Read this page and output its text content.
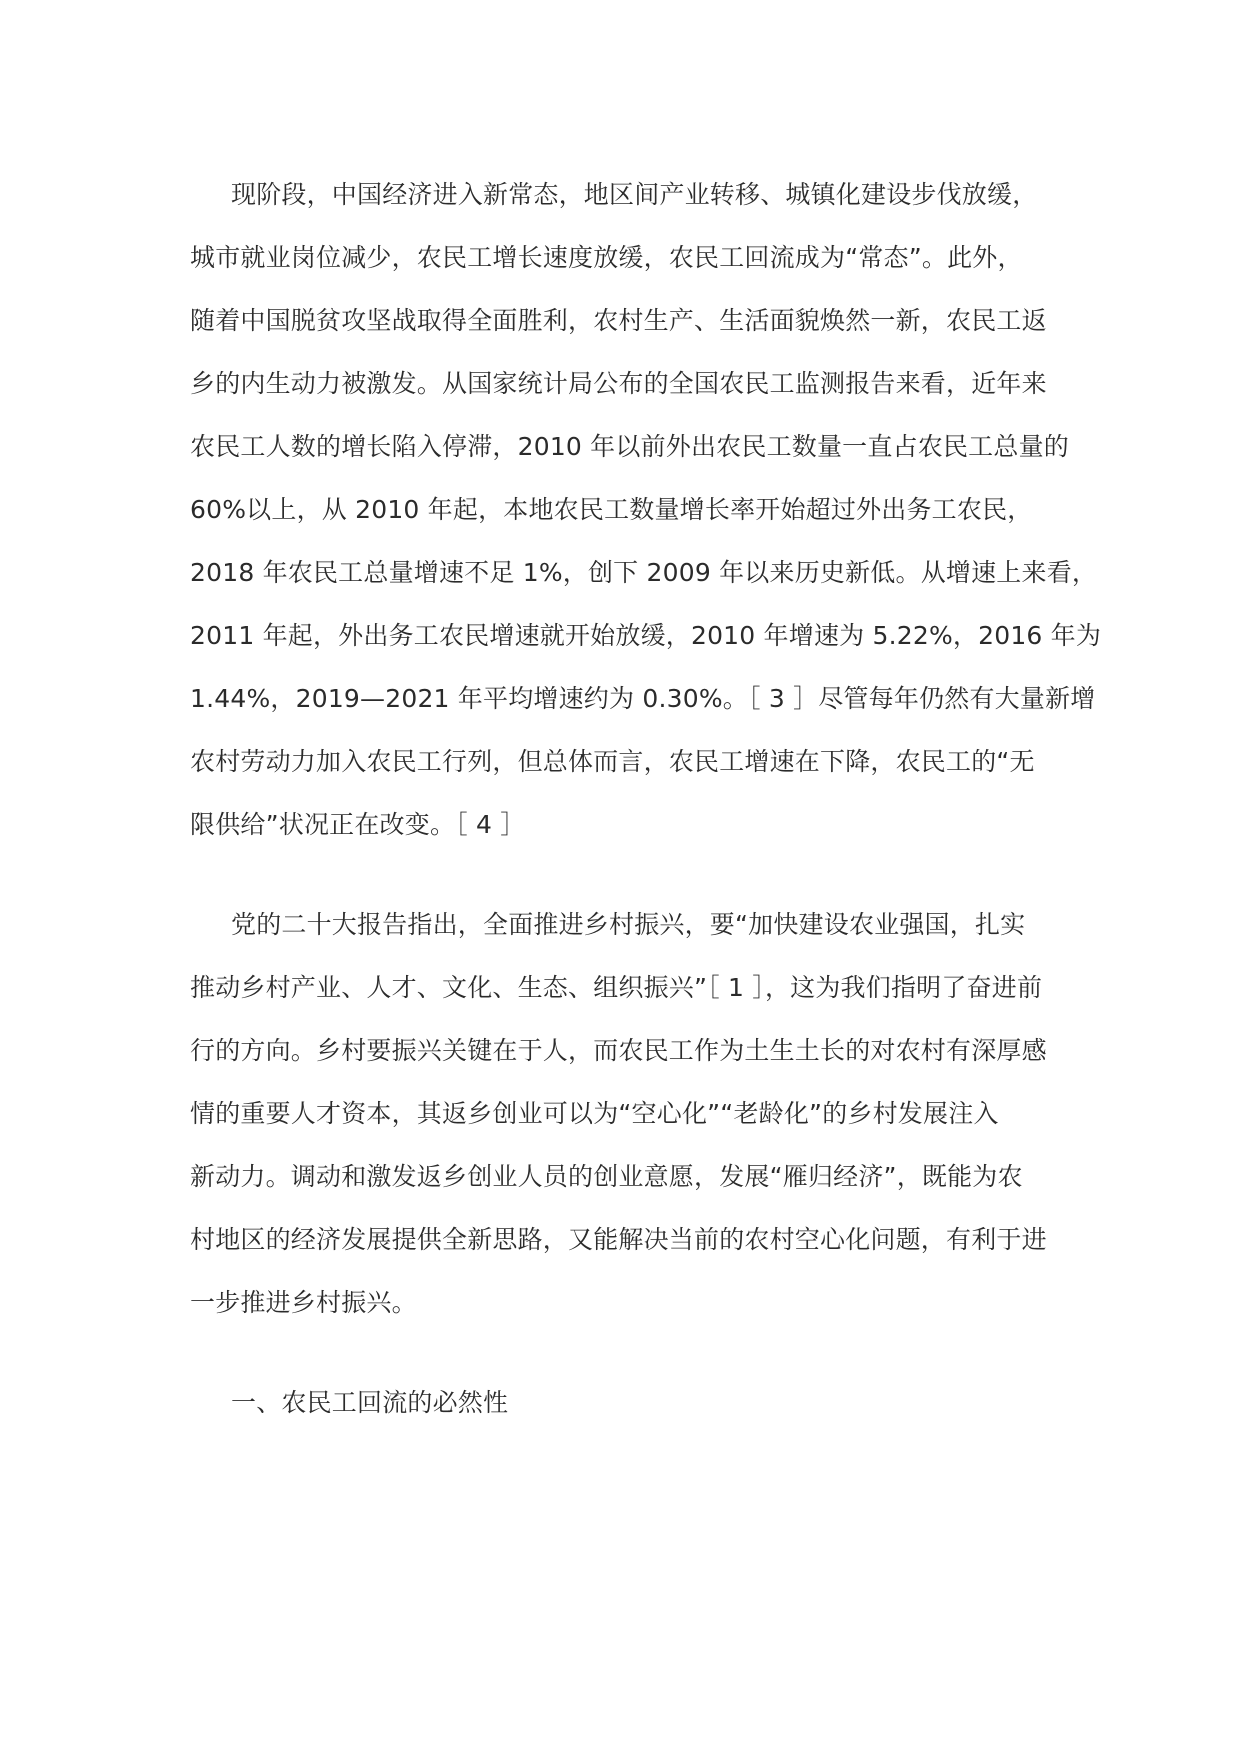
现阶段，中国经济进入新常态，地区间产业转移、城镇化建设步伐放缓，
城市就业岗位减少，农民工增长速度放缓，农民工回流成为“常态”。此外，
随着中国脱贫攻坚战取得全面胜利，农村生产、生活面貌焕然一新，农民工返
乡的内生动力被激发。从国家统计局公布的全国农民工监测报告来看，近年来
农民工人数的增长陷入停滞，2010 年以前外出农民工数量一直占农民工总量的
60%以上，从 2010 年起，本地农民工数量增长率开始超过外出务工农民，
2018 年农民工总量增速不足 1%，创下 2009 年以来历史新低。从增速上来看，
2011 年起，外出务工农民增速就开始放缓，2010 年增速为 5.22%，2016 年为
1.44%，2019—2021 年平均增速约为 0.30%。［ 3 ］尽管每年仍然有大量新增
农村劳动力加入农民工行列，但总体而言，农民工增速在下降，农民工的“无
限供给”状况正在改变。［ 4 ］
党的二十大报告指出，全面推进乡村振兴，要“加快建设农业强国，扎实
推动乡村产业、人才、文化、生态、组织振兴”［ 1 ］，这为我们指明了奋进前
行的方向。乡村要振兴关键在于人，而农民工作为土生土长的对农村有深厚感
情的重要人才资本，其返乡创业可以为“空心化”“老龄化”的乡村发展注入
新动力。调动和激发返乡创业人员的创业意愿，发展“雁归经济”，既能为农
村地区的经济发展提供全新思路，又能解决当前的农村空心化问题，有利于进
一步推进乡村振兴。
一、农民工回流的必然性
